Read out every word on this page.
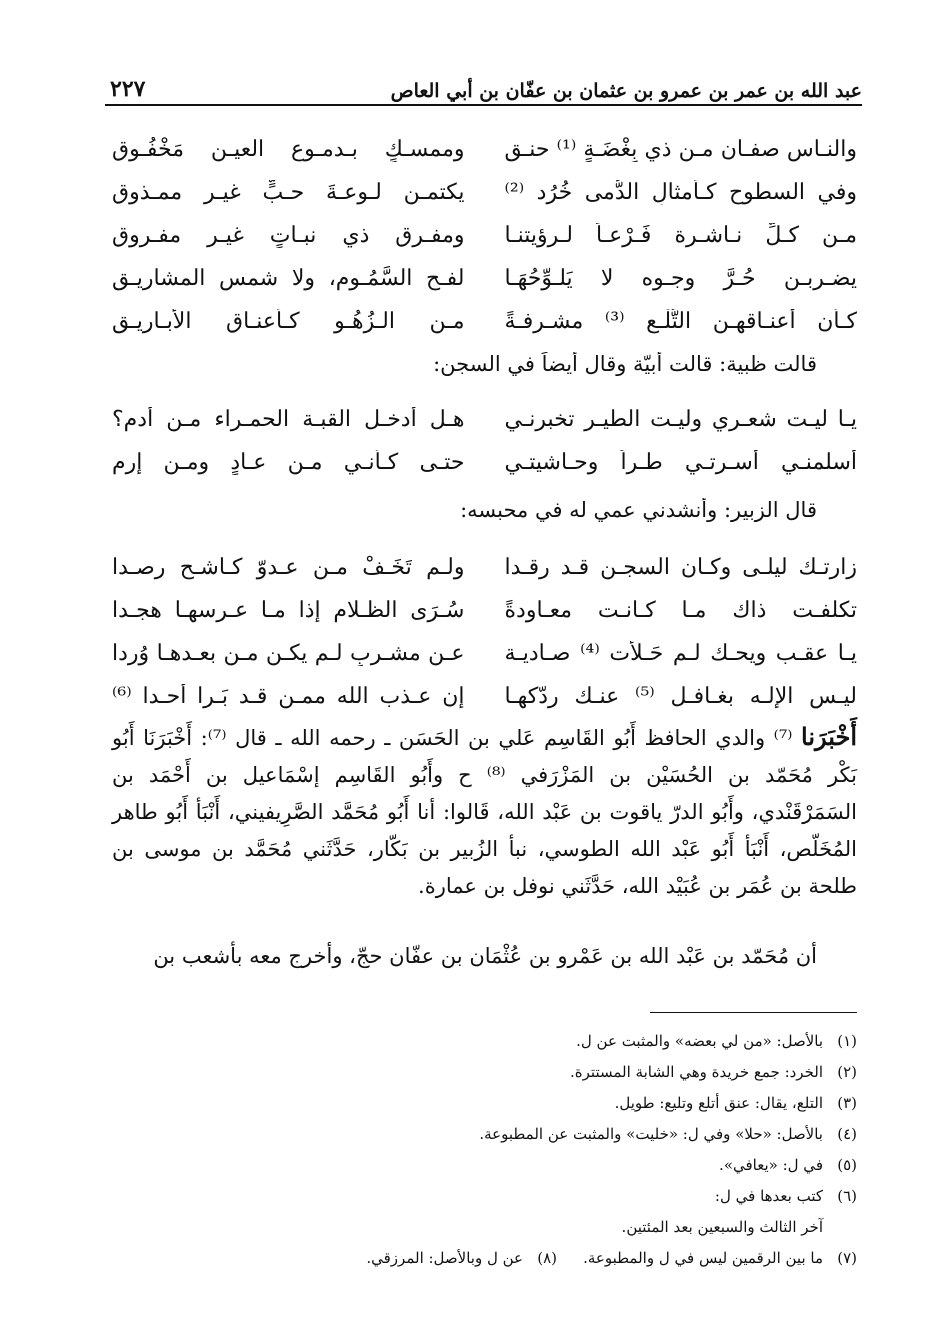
عبد الله بن عمر بن عمرو بن عثمان بن عفّان بن أبي العاص
٢٢٧
والنـاس صفـان مـن ذي بِغْضَـةٍ ⁽¹⁾ حنـق
وممسـكٍ بـدمـوعِ العيـنِ مَخْفُـوق
وفي السطوح كـأمثالِ الدُّمى خُرُد ⁽²⁾
يكتمـن لـوعـةَ حـبٍّ غيـر ممـذوقِ
مـن كـلِّ نـاشـرة فَـرْعـاً لـرؤيتنـا
ومفـرقٍ ذي نبـاتٍ غيـر مفـروق
يضـربـن حُـرَّ وجـوه لا يَلـوِّحُهَـا
لفـح السَّمُـوم، ولا شمس المشاريـق
كـأن أعنـاقهـن التُّلْـع ⁽³⁾ مشـرفـةً
مـن الـزُهُـوِ كـأعنـاقِ الأبـاريـق
قالت ظبية: قالت أبيّة وقال أيضاً في السجن:
يـا ليـت شعـري وليـت الطيـر تخبرنـي
هـل أدخـل القبـة الحمـراء مـن أدم؟
أسلمنـي أسـرتـي طـراً وحـاشيتـي
حتـى كـأنـي مـن عـادٍ ومـن إرم
قال الزبير: وأنشدني عمي له في محبسه:
زارتـك ليلـى وكـان السجـن قـد رقـدا
ولـم تَخَـفْ مـن عـدوّ كـاشـح رصـدا
تكلفـت ذاك مـا كـانـت معـاودةً
سُـرَى الظـلام إذا مـا عـرسهـا هجـدا
يـا عقـب ويحـك لـم حَـلأت ⁽⁴⁾ صـاديـة
عـن مشـربٍ لـم يكـن مـن بعـدهـا وُردا
ليـس الإلـه بغـافـل ⁽⁵⁾ عنـك ردّكهـا
إن عـذب الله ممـن قـد بَـرا أحـدا ⁽⁶⁾

أَخْبَرَنا ⁽⁷⁾ والدي الحافظ أَبُو القَاسِم عَلي بن الحَسَن ـ رحمه الله ـ قال ⁽⁷⁾: أَخْبَرَنَا أَبُو بَكْر مُحَمّد بن الحُسَيْن بن المَزْرَفي ⁽⁸⁾ ح وأَبُو القَاسِم إسْمَاعيل بن أَحْمَد بن السَمَرْقَنْدي، وأَبُو الدرّ ياقوت بن عَبْد الله، قَالوا: أنا أَبُو مُحَمَّد الصَّرِيفيني، أَنْبَأ أَبُو طاهر المُخَلّص، أَنْبَأ أَبُو عَبْد الله الطوسي، نبأ الزُبير بن بَكّار، حَدَّثَني مُحَمَّد بن موسى بن طلحة بن عُمَر بن عُبَيْد الله، حَدَّثَني نوفل بن عمارة.

أن مُحَمّد بن عَبْد الله بن عَمْرو بن عُثْمَان بن عفّان حجّ، وأخرج معه بأشعب بن

(١)
بالأصل: «من لي بعضه» والمثبت عن ل.
(٢)
الخرد: جمع خريدة وهي الشابة المستترة.
(٣)
التلع، يقال: عنق أتلع وتليع: طويل.
(٤)
بالأصل: «حلا» وفي ل: «خليت» والمثبت عن المطبوعة.
(٥)
في ل: «يعافي».
(٦)
كتب بعدها في ل:
آخر الثالث والسبعين بعد المئتين.
(٧)
ما بين الرقمين ليس في ل والمطبوعة.
(٨)
عن ل وبالأصل: المرزقي.
